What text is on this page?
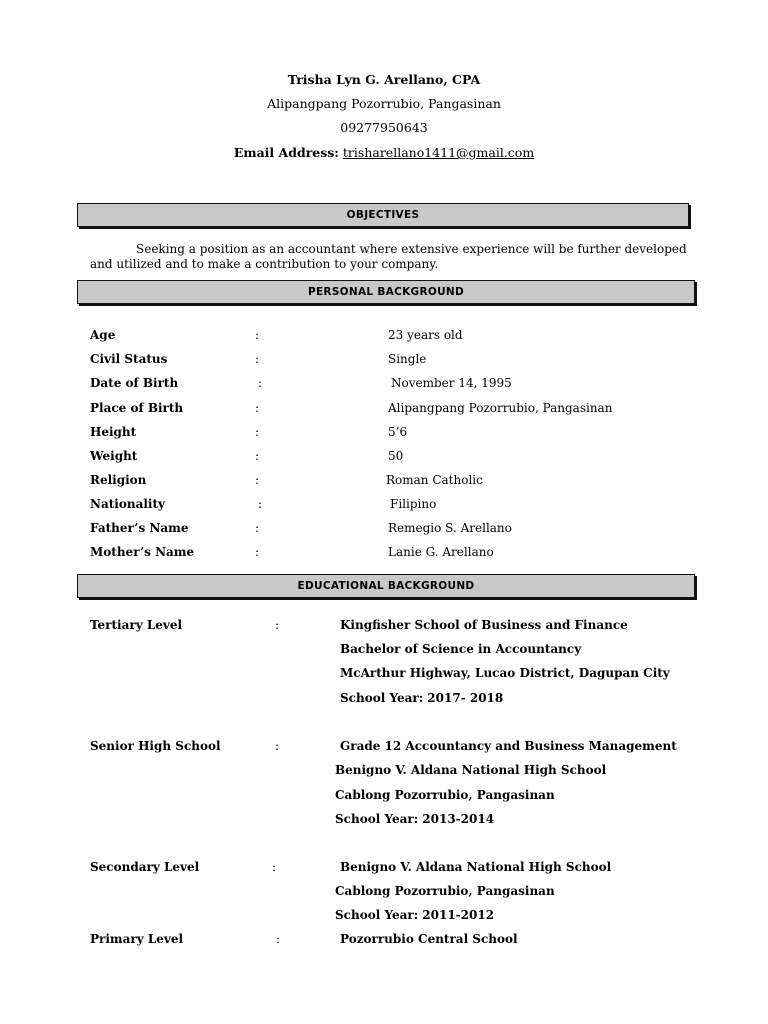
Trisha Lyn G. Arellano, CPA
Alipangpang Pozorrubio, Pangasinan
09277950643
Email Address: trisharellano1411@gmail.com
OBJECTIVES
Seeking a position as an accountant where extensive experience will be further developed and utilized and to make a contribution to your company.
PERSONAL BACKGROUND
Age	:	23 years old
Civil Status	:	Single
Date of Birth	:	November 14, 1995
Place of Birth	:	Alipangpang Pozorrubio, Pangasinan
Height	:	5’6
Weight	:	50
Religion	:	Roman Catholic
Nationality	:	Filipino
Father’s Name	:	Remegio S. Arellano
Mother’s Name	:	Lanie G. Arellano
EDUCATIONAL BACKGROUND
Tertiary Level	:	Kingfisher School of Business and Finance
Bachelor of Science in Accountancy
McArthur Highway, Lucao District, Dagupan City
School Year: 2017- 2018
Senior High School	:	Grade 12 Accountancy and Business Management
Benigno V. Aldana National High School
Cablong Pozorrubio, Pangasinan
School Year: 2013-2014
Secondary Level	:	Benigno V. Aldana National High School
Cablong Pozorrubio, Pangasinan
School Year: 2011-2012
Primary Level	:	Pozorrubio Central School
